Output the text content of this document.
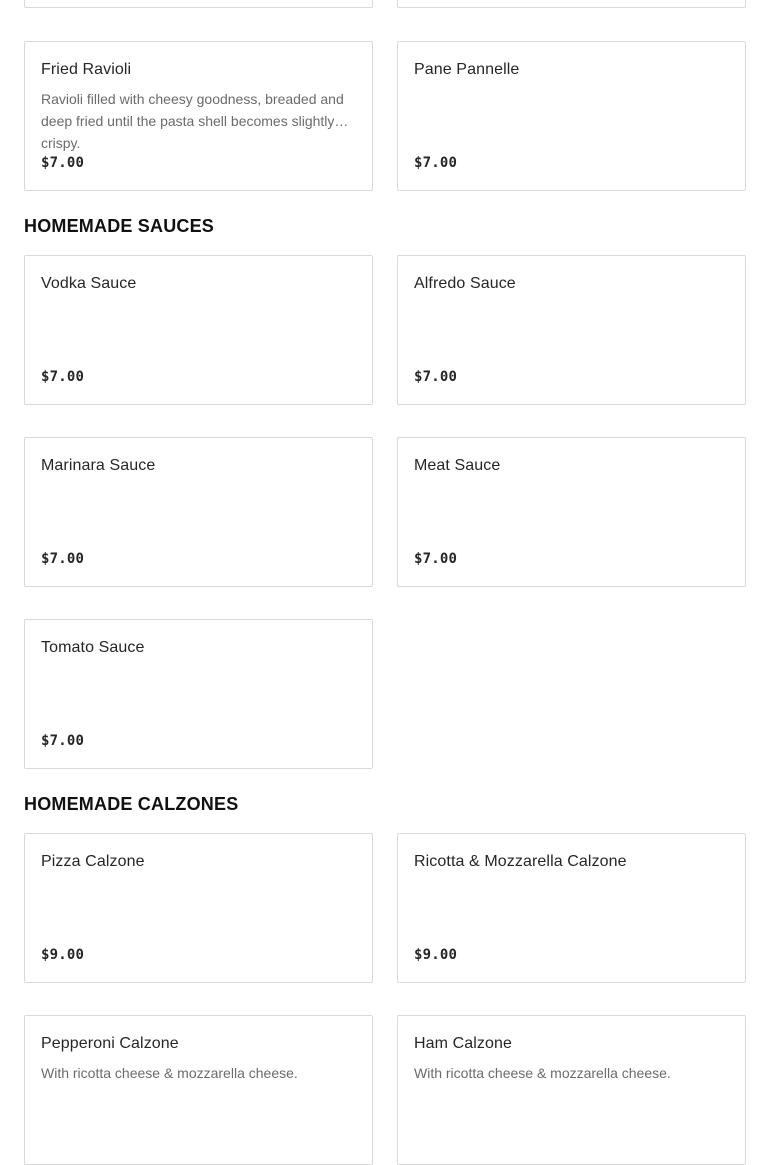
Fried Ravioli
Ravioli filled with cheesy goodness, breaded and deep fried until the pasta shell becomes slightly crispy.
$7.00
Pane Pannelle
$7.00
HOMEMADE SAUCES
Vodka Sauce
$7.00
Alfredo Sauce
$7.00
Marinara Sauce
$7.00
Meat Sauce
$7.00
Tomato Sauce
$7.00
HOMEMADE CALZONES
Pizza Calzone
$9.00
Ricotta & Mozzarella Calzone
$9.00
Pepperoni Calzone
With ricotta cheese & mozzarella cheese.
Ham Calzone
With ricotta cheese & mozzarella cheese.
